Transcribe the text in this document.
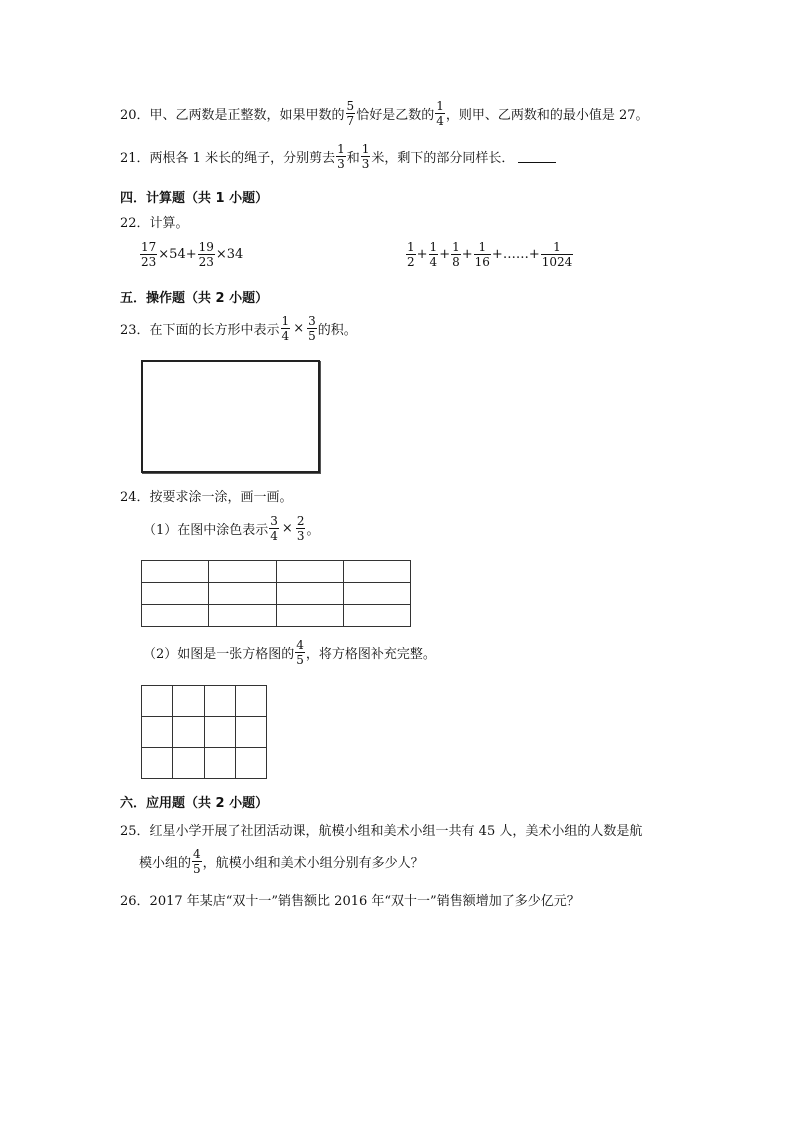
20．甲、乙两数是正整数，如果甲数的 $\frac{5}{7}$ 恰好是乙数的 $\frac{1}{4}$ ，则甲、乙两数和的最小值是 27。
21．两根各 1 米长的绳子，分别剪去 $\frac{1}{3}$ 和 $\frac{1}{3}$ 米，剩下的部分同样长．
四．计算题（共 1 小题）
22．计算。
$\frac{17}{23} \times 54+ \frac{19}{23} \times 34$	$\frac{1}{2} + \frac{1}{4} + \frac{1}{8} + \frac{1}{16}$ +……+ $\frac{1}{1024}$
五．操作题（共 2 小题）
23．在下面的长方形中表示 $\frac{1}{4} \times \frac{3}{5}$ 的积。
24．按要求涂一涂，画一画。
（1）在图中涂色表示 $\frac{3}{4} \times \frac{2}{3}$ 。

（2）如图是一张方格图的 $\frac{4}{5}$ ，将方格图补充完整。

六．应用题（共 2 小题）
25．红星小学开展了社团活动课，航模小组和美术小组一共有 45 人，美术小组的人数是航
模小组的 $\frac{4}{5}$ ，航模小组和美术小组分别有多少人？
26．2017 年某店“双十一”销售额比 2016 年“双十一”销售额增加了多少亿元？
